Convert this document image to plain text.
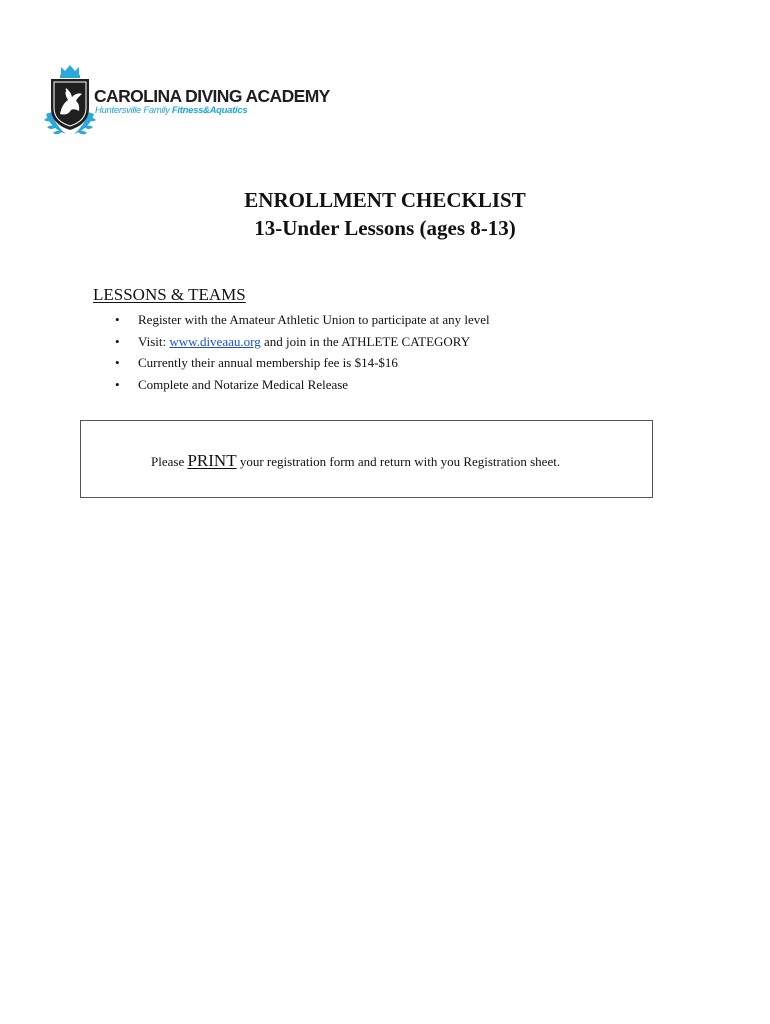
CAROLINA DIVING ACADEMY
Huntersville Family Fitness&Aquatics
ENROLLMENT CHECKLIST
13-Under Lessons (ages 8-13)
LESSONS & TEAMS
• Register with the Amateur Athletic Union to participate at any level
• Visit: www.diveaau.org and join in the ATHLETE CATEGORY
• Currently their annual membership fee is $14-$16
• Complete and Notarize Medical Release
Please PRINT your registration form and return with you Registration sheet.
